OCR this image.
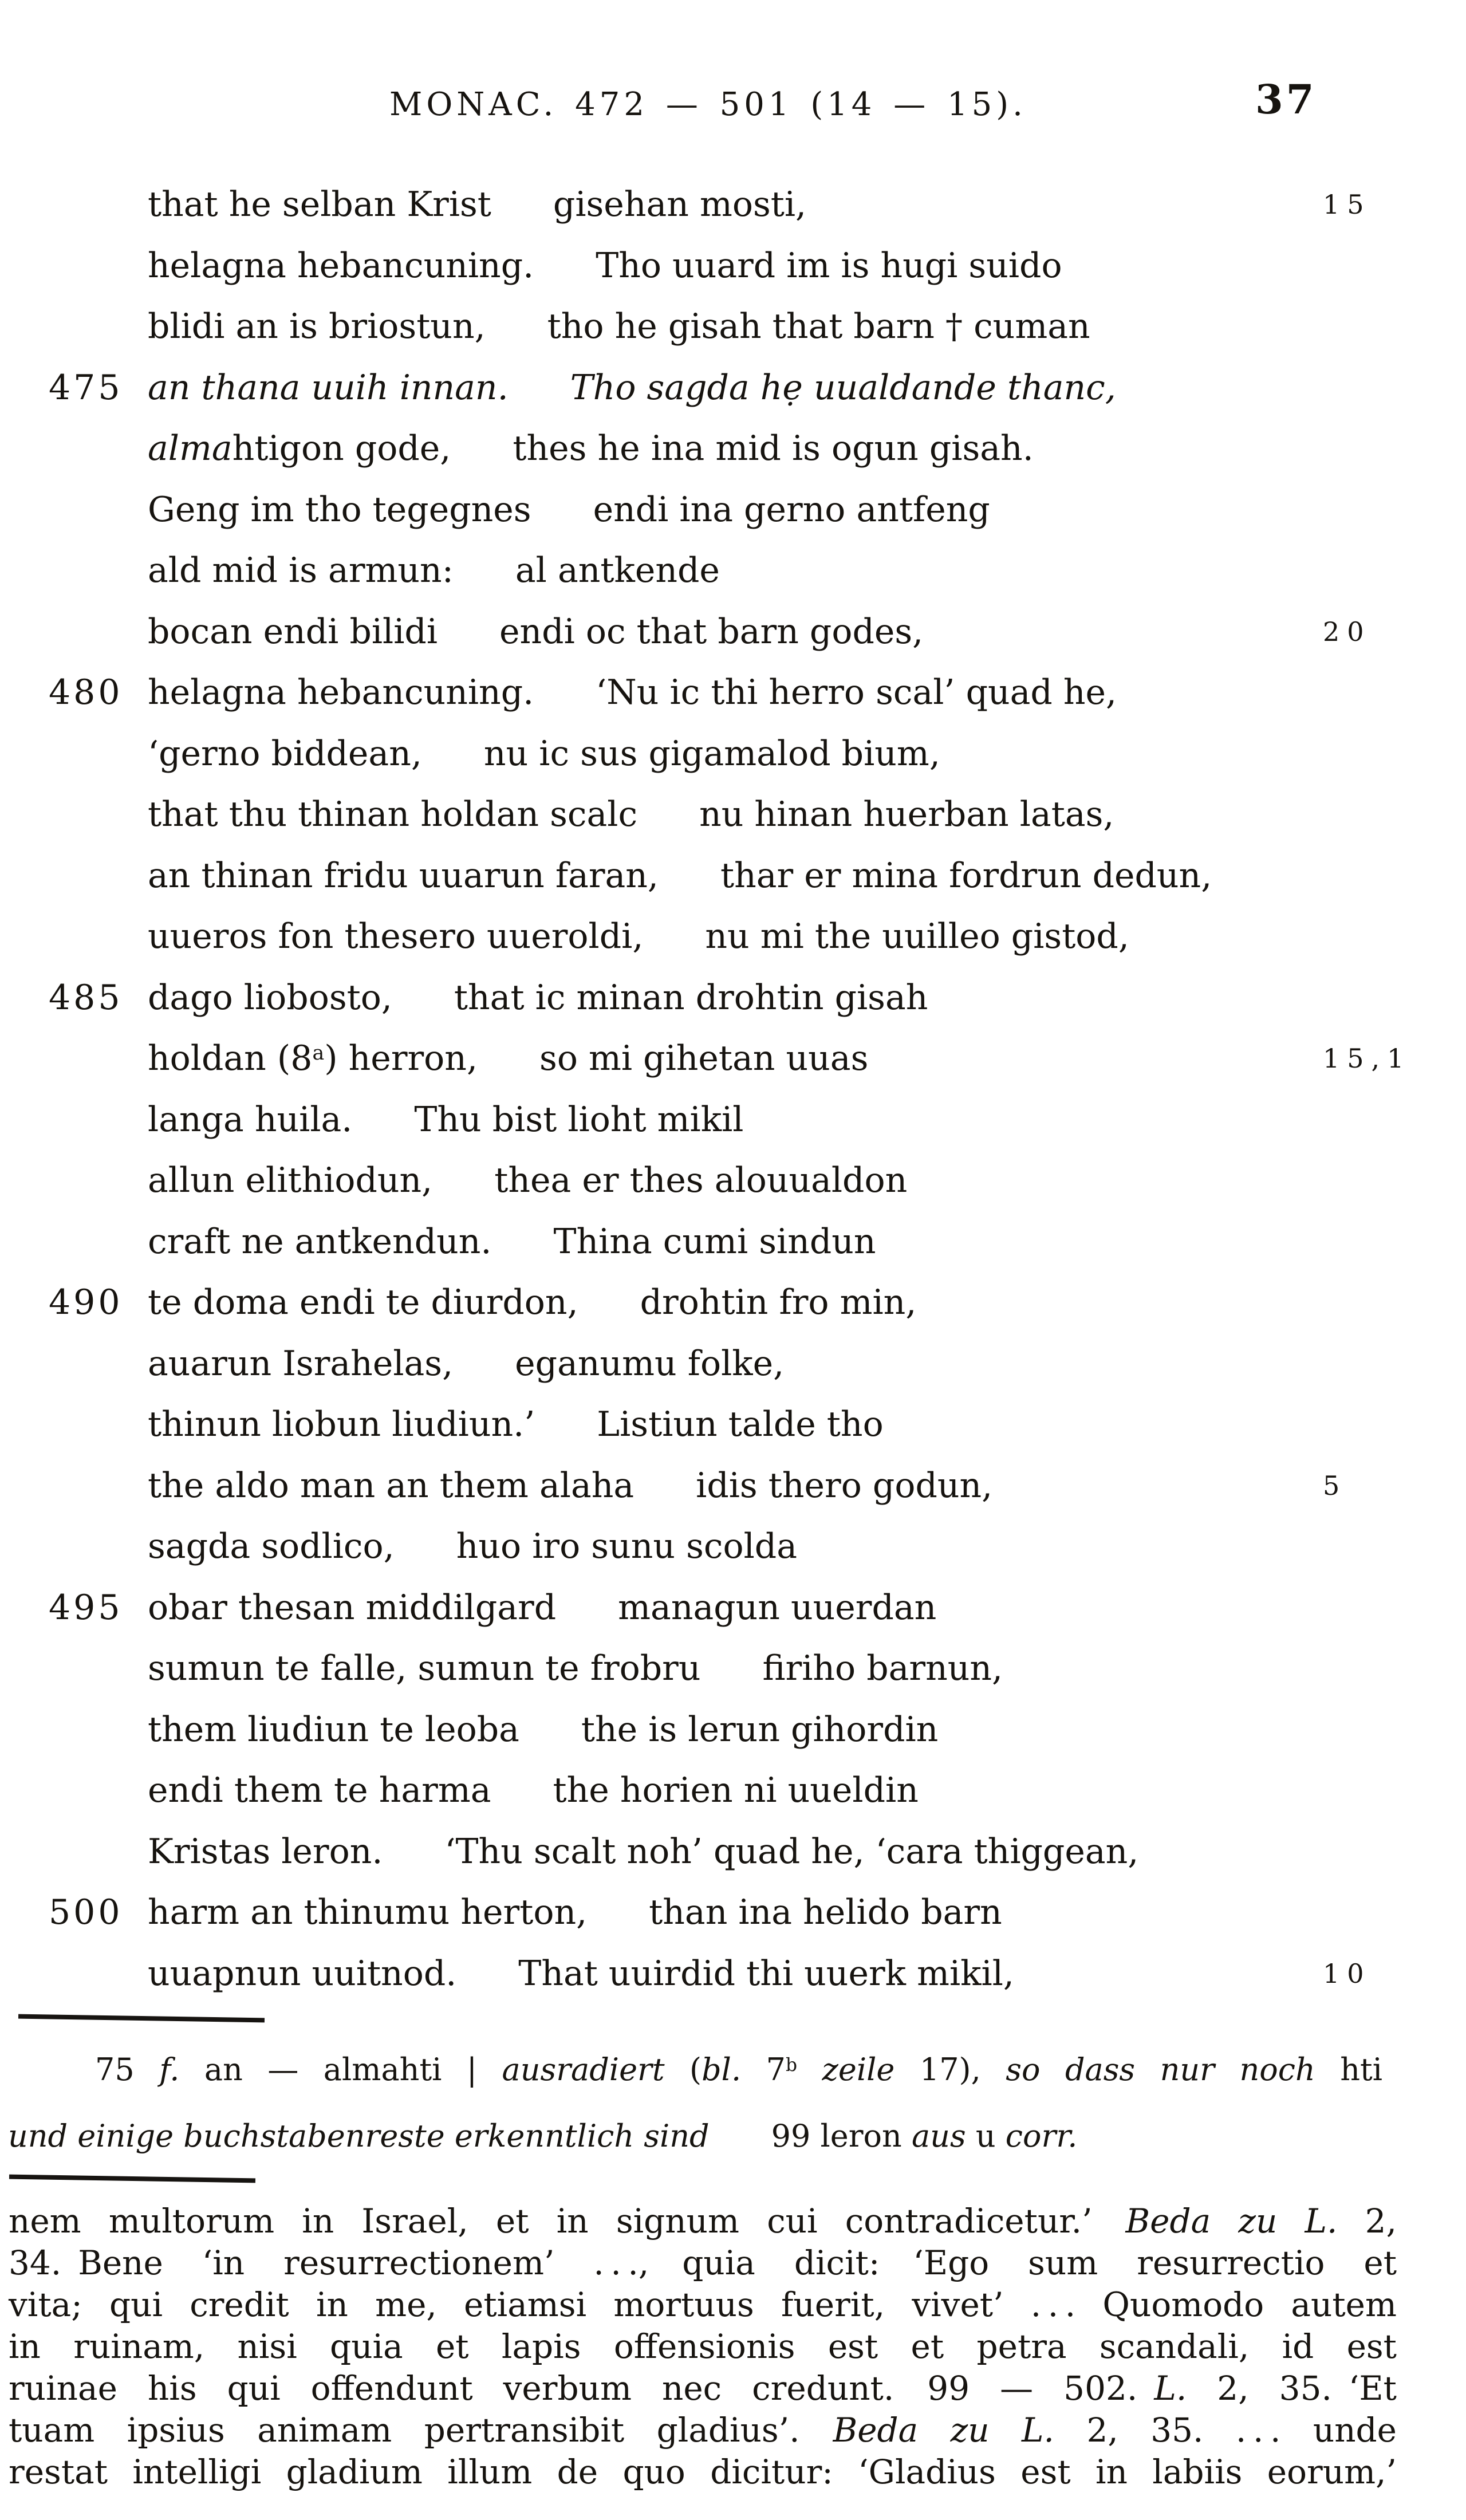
MONAC. 472 — 501 (14 — 15).	37
that he selban Krist gisehan mosti,	15
helagna hebancuning. Tho uuard im is hugi suido
blidi an is briostun, tho he gisah that barn † cuman
475 an thana uuih innan. Tho sagda hẹ uualdande thanc,
almahtigon gode, thes he ina mid is ogun gisah.
Geng im tho tegegnes endi ina gerno antfeng
ald mid is armun: al antkende
bocan endi bilidi endi oc that barn godes,	20
480 helagna hebancuning. ‘Nu ic thi herro scal’ quad he,
‘gerno biddean, nu ic sus gigamalod bium,
that thu thinan holdan scalc nu hinan huerban latas,
an thinan fridu uuarun faran, thar er mina fordrun dedun,
uueros fon thesero uueroldi, nu mi the uuilleo gistod,
485 dago liobosto, that ic minan drohtin gisah
holdan (8$^a$) herron, so mi gihetan uuas	15,1
langa huila. Thu bist lioht mikil
allun elithiodun, thea er thes alouualdon
craft ne antkendun. Thina cumi sindun
490 te doma endi te diurdon, drohtin fro min,
auarun Israhelas, eganumu folke,
thinun liobun liudiun.’ Listiun talde tho
the aldo man an them alaha idis thero godun,	5
sagda sodlico, huo iro sunu scolda
495 obar thesan middilgard managun uuerdan
sumun te falle, sumun te frobru firiho barnun,
them liudiun te leoba the is lerun gihordin
endi them te harma the horien ni uueldin
Kristas leron. ‘Thu scalt noh’ quad he, ‘cara thiggean,
500 harm an thinumu herton, than ina helido barn
uuapnun uuitnod. That uuirdid thi uuerk mikil,	10
75 f. an — almahti | ausradiert (bl. 7$^b$ zeile 17), so dass nur noch hti
und einige buchstabenreste erkenntlich sind  99 leron aus u corr.
nem multorum in Israel, et in signum cui contradicetur.’ Beda zu L. 2,
34. Bene ‘in resurrectionem’ . . ., quia dicit: ‘Ego sum resurrectio et
vita; qui credit in me, etiamsi mortuus fuerit, vivet’ . . . Quomodo autem
in ruinam, nisi quia et lapis offensionis est et petra scandali, id est
ruinae his qui offendunt verbum nec credunt. 99 — 502. L. 2, 35. ‘Et
tuam ipsius animam pertransibit gladius’. Beda zu L. 2, 35. . . . unde
restat intelligi gladium illum de quo dicitur: ‘Gladius est in labiis eorum,’
